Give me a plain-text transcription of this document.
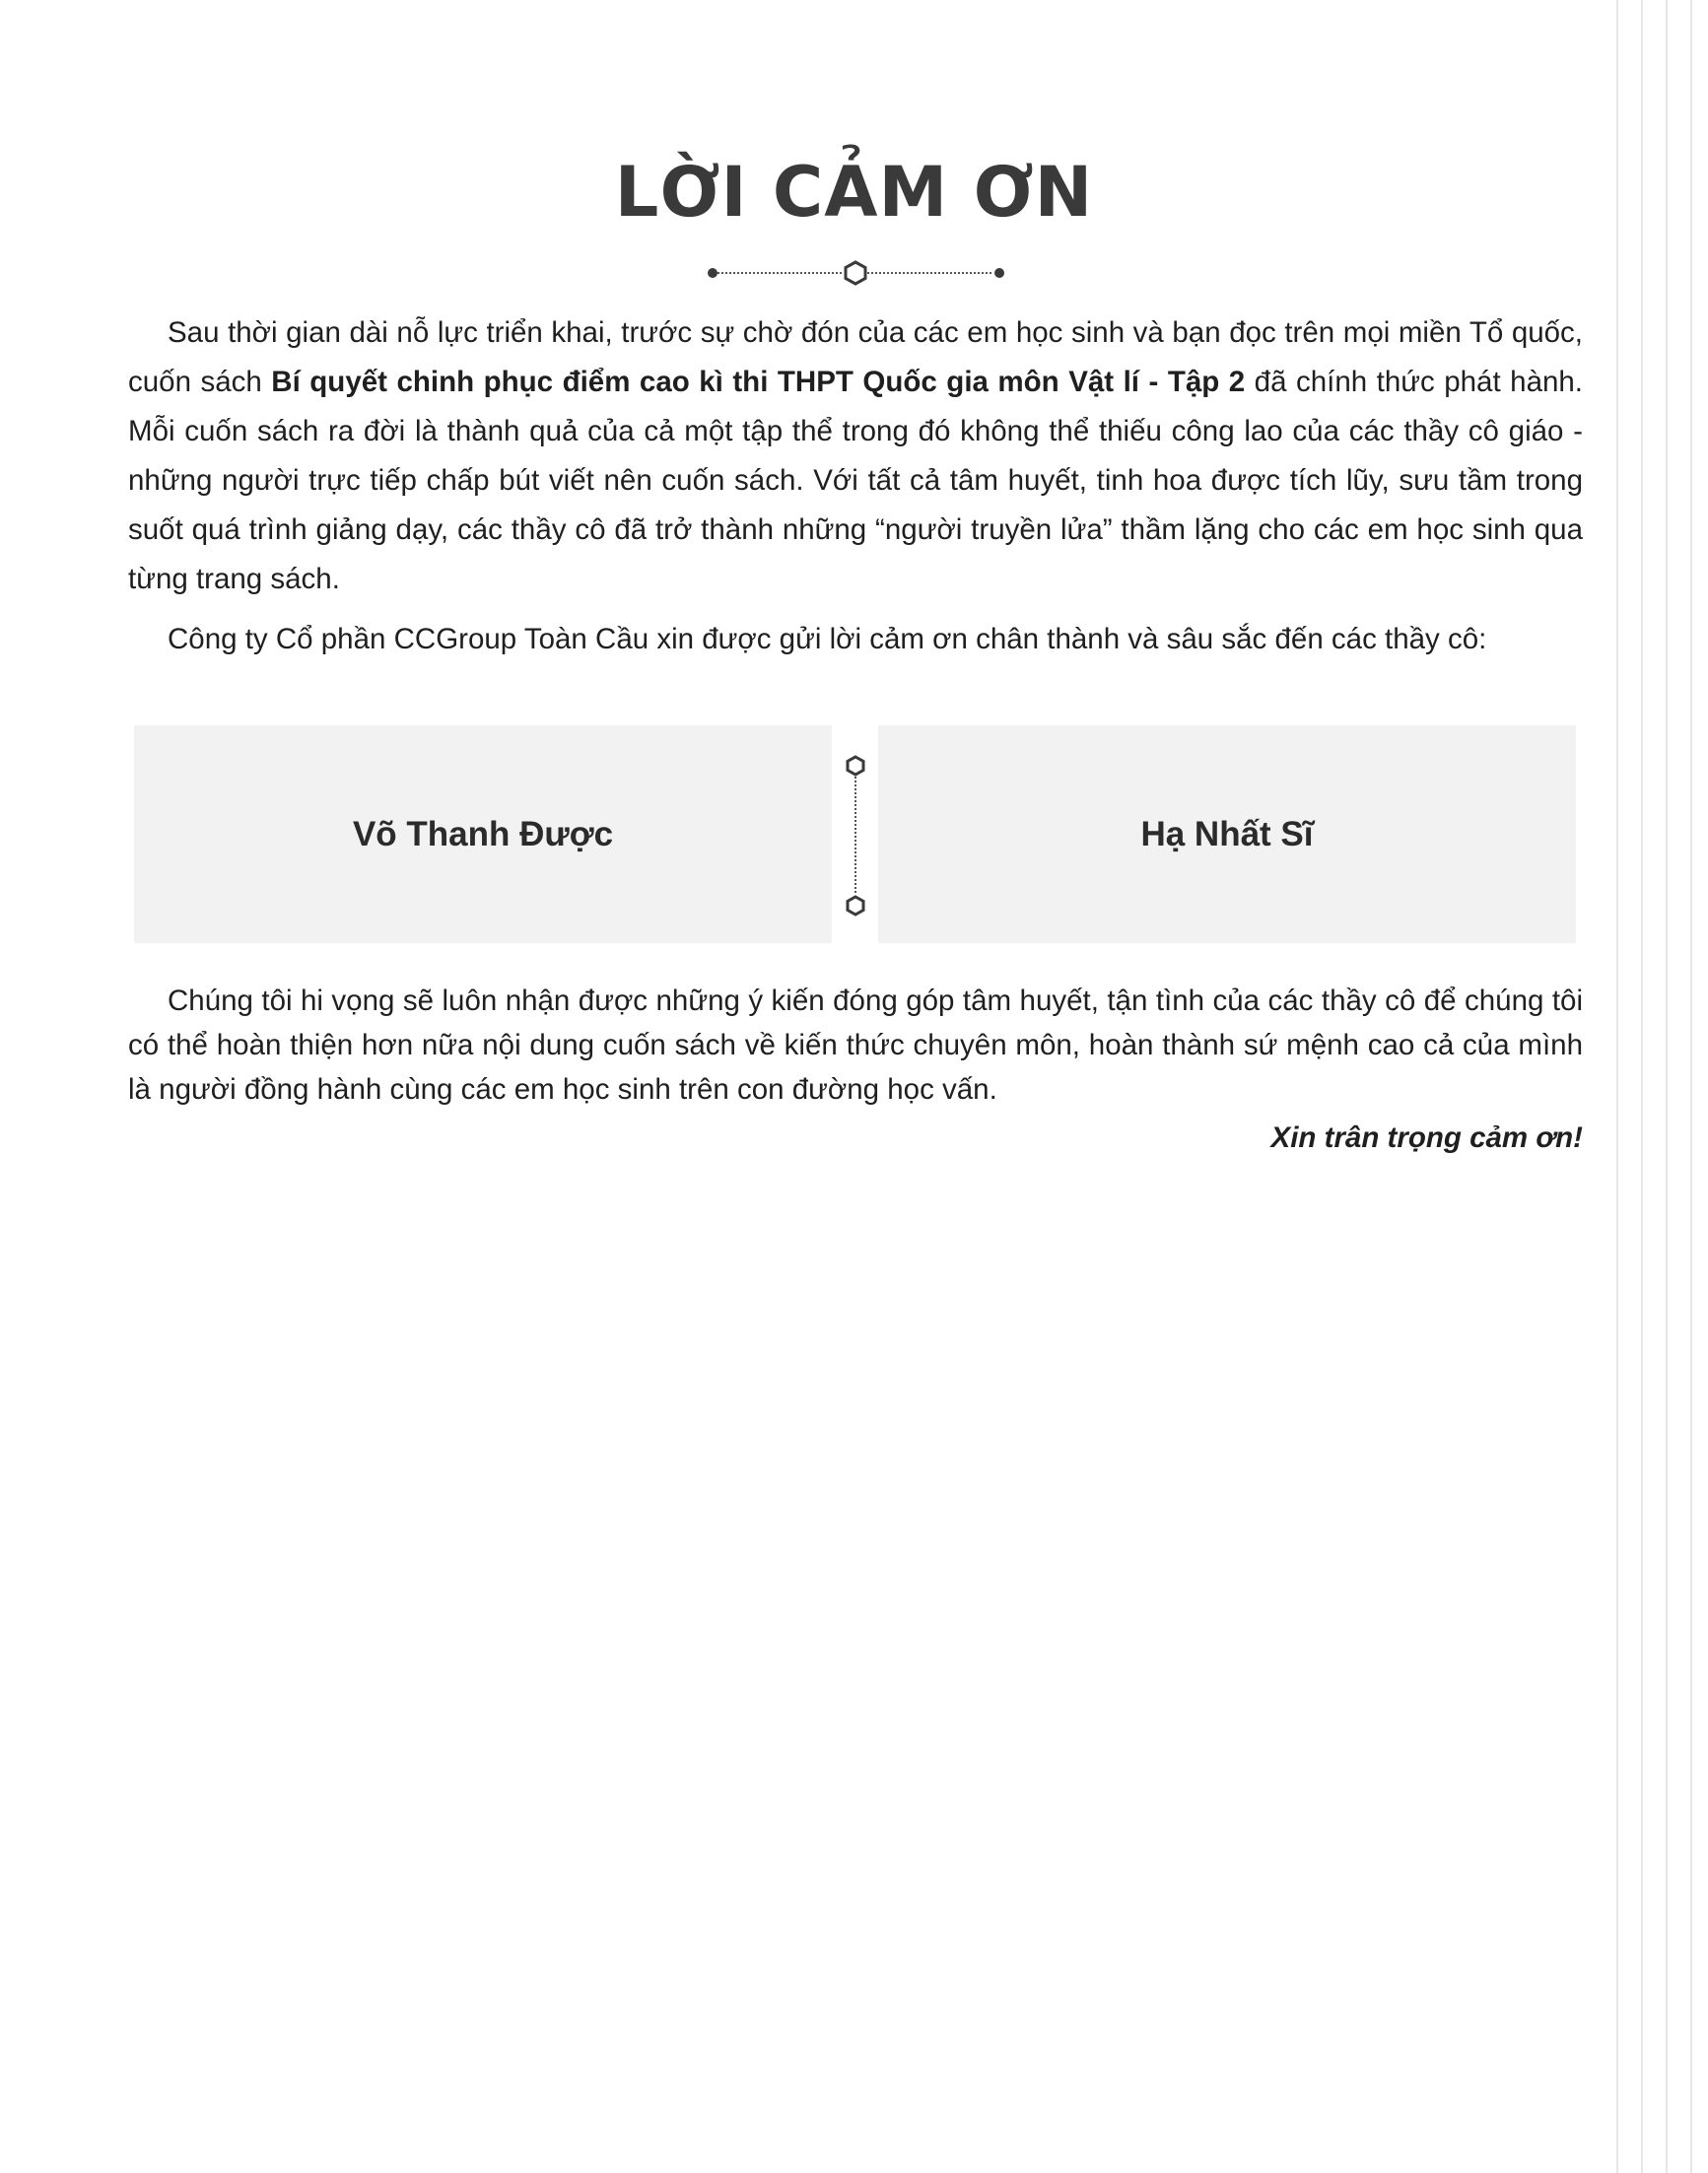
LỜI CẢM ƠN

Sau thời gian dài nỗ lực triển khai, trước sự chờ đón của các em học sinh và bạn đọc trên mọi miền Tổ quốc, cuốn sách Bí quyết chinh phục điểm cao kì thi THPT Quốc gia môn Vật lí - Tập 2 đã chính thức phát hành. Mỗi cuốn sách ra đời là thành quả của cả một tập thể trong đó không thể thiếu công lao của các thầy cô giáo - những người trực tiếp chấp bút viết nên cuốn sách. Với tất cả tâm huyết, tinh hoa được tích lũy, sưu tầm trong suốt quá trình giảng dạy, các thầy cô đã trở thành những “người truyền lửa” thầm lặng cho các em học sinh qua từng trang sách.

Công ty Cổ phần CCGroup Toàn Cầu xin được gửi lời cảm ơn chân thành và sâu sắc đến các thầy cô:

Võ Thanh Được	Hạ Nhất Sĩ

Chúng tôi hi vọng sẽ luôn nhận được những ý kiến đóng góp tâm huyết, tận tình của các thầy cô để chúng tôi có thể hoàn thiện hơn nữa nội dung cuốn sách về kiến thức chuyên môn, hoàn thành sứ mệnh cao cả của mình là người đồng hành cùng các em học sinh trên con đường học vấn.

Xin trân trọng cảm ơn!
